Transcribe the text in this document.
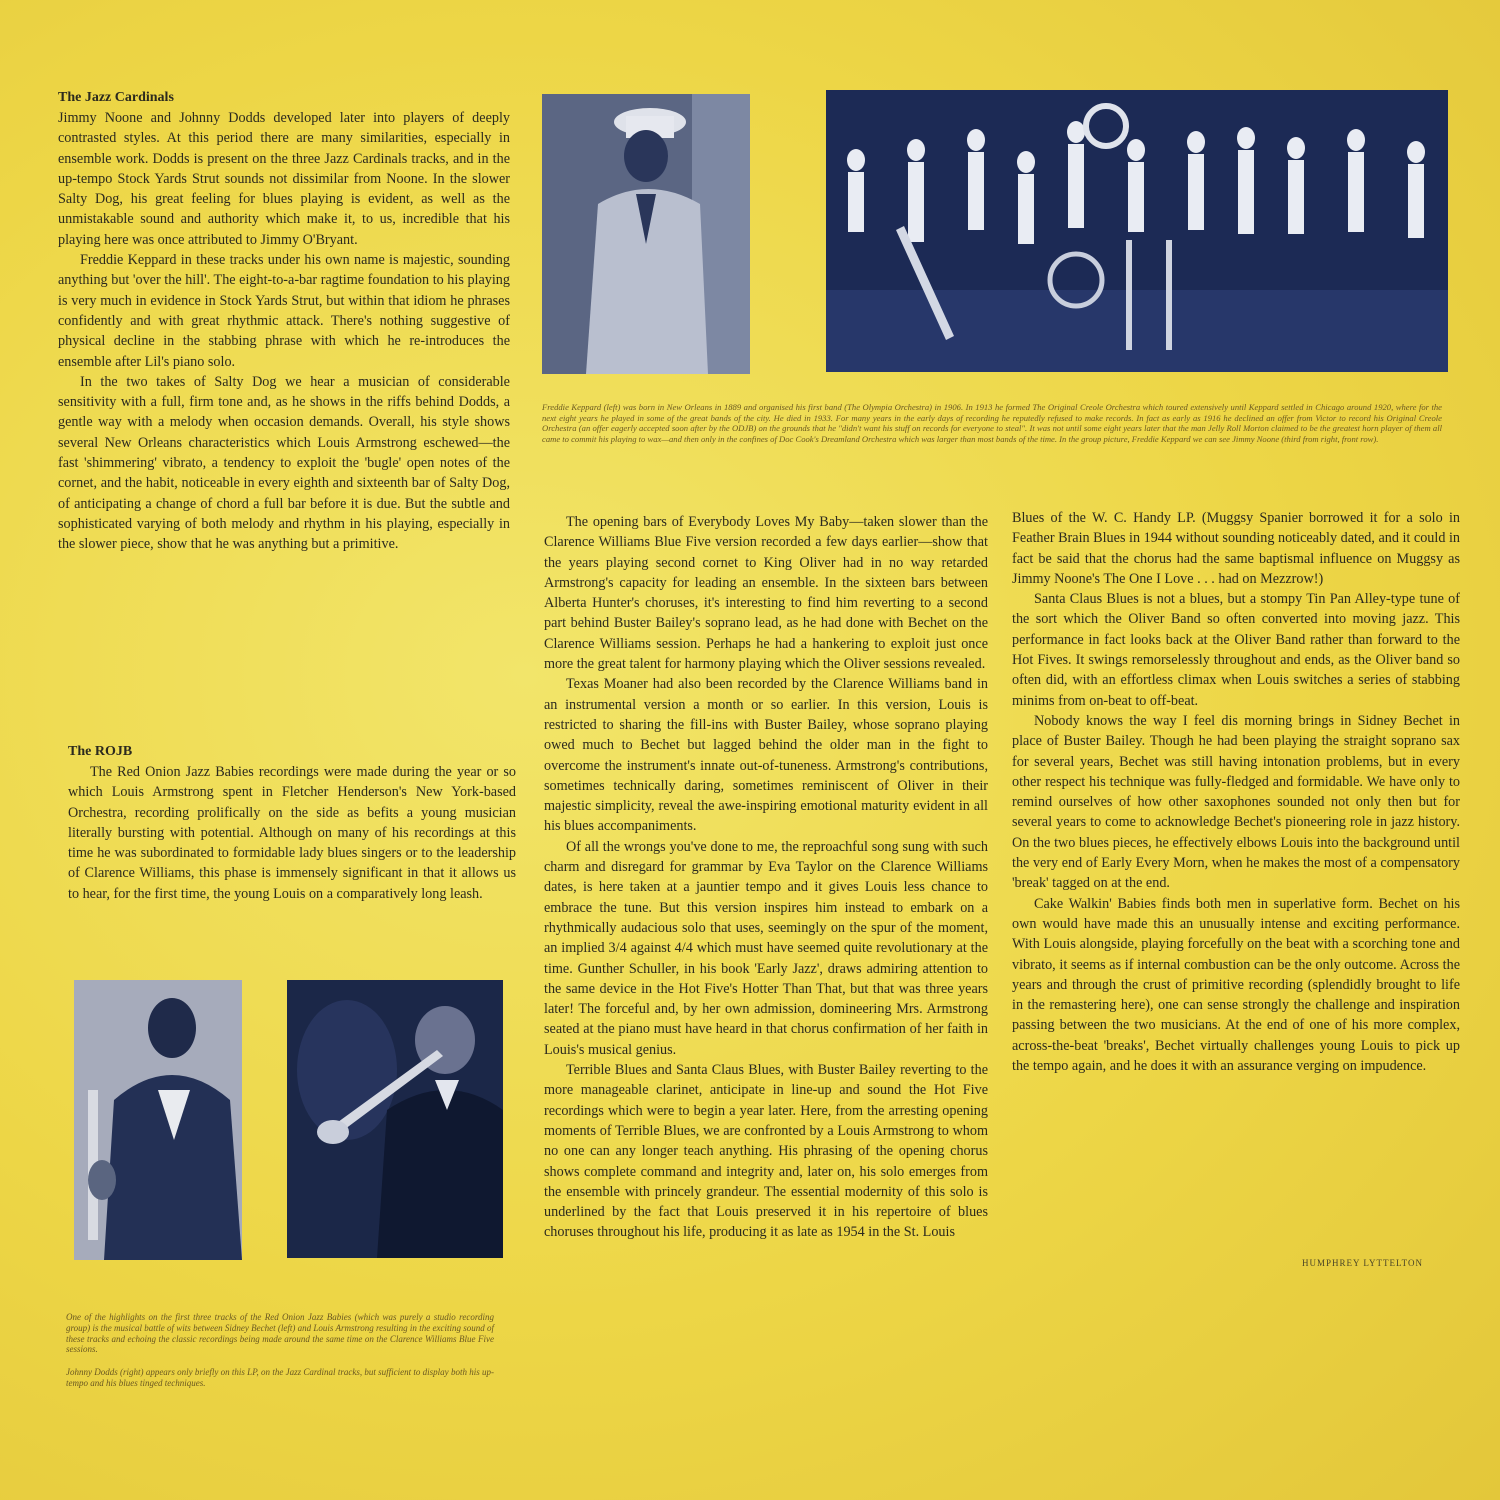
The Jazz Cardinals

Jimmy Noone and Johnny Dodds developed later into players of deeply contrasted styles. At this period there are many similarities, especially in ensemble work. Dodds is present on the three Jazz Cardinals tracks, and in the up-tempo Stock Yards Strut sounds not dissimilar from Noone. In the slower Salty Dog, his great feeling for blues playing is evident, as well as the unmistakable sound and authority which make it, to us, incredible that his playing here was once attributed to Jimmy O'Bryant.

Freddie Keppard in these tracks under his own name is majestic, sounding anything but 'over the hill'. The eight-to-a-bar ragtime foundation to his playing is very much in evidence in Stock Yards Strut, but within that idiom he phrases confidently and with great rhythmic attack. There's nothing suggestive of physical decline in the stabbing phrase with which he re-introduces the ensemble after Lil's piano solo.

In the two takes of Salty Dog we hear a musician of considerable sensitivity with a full, firm tone and, as he shows in the riffs behind Dodds, a gentle way with a melody when occasion demands. Overall, his style shows several New Orleans characteristics which Louis Armstrong eschewed—the fast 'shimmering' vibrato, a tendency to exploit the 'bugle' open notes of the cornet, and the habit, noticeable in every eighth and sixteenth bar of Salty Dog, of anticipating a change of chord a full bar before it is due. But the subtle and sophisticated varying of both melody and rhythm in his playing, especially in the slower piece, show that he was anything but a primitive.

The ROJB

The Red Onion Jazz Babies recordings were made during the year or so which Louis Armstrong spent in Fletcher Henderson's New York-based Orchestra, recording prolifically on the side as befits a young musician literally bursting with potential. Although on many of his recordings at this time he was subordinated to formidable lady blues singers or to the leadership of Clarence Williams, this phase is immensely significant in that it allows us to hear, for the first time, the young Louis on a comparatively long leash.

One of the highlights on the first three tracks of the Red Onion Jazz Babies (which was purely a studio recording group) is the musical battle of wits between Sidney Bechet (left) and Louis Armstrong resulting in the exciting sound of these tracks and echoing the classic recordings being made around the same time on the Clarence Williams Blue Five sessions.

Johnny Dodds (right) appears only briefly on this LP, on the Jazz Cardinal tracks, but sufficient to display both his up-tempo and his blues tinged techniques.

Freddie Keppard (left) was born in New Orleans in 1889 and organised his first band (The Olympia Orchestra) in 1906. In 1913 he formed The Original Creole Orchestra which toured extensively until Keppard settled in Chicago around 1920, where for the next eight years he played in some of the great bands of the city. He died in 1933. For many years in the early days of recording he reputedly refused to make records. In fact as early as 1916 he declined an offer from Victor to record his Original Creole Orchestra (an offer eagerly accepted soon after by the ODJB) on the grounds that he "didn't want his stuff on records for everyone to steal". It was not until some eight years later that the man Jelly Roll Morton claimed to be the greatest horn player of them all came to commit his playing to wax—and then only in the confines of Doc Cook's Dreamland Orchestra which was larger than most bands of the time. In the group picture, Freddie Keppard we can see Jimmy Noone (third from right, front row).

The opening bars of Everybody Loves My Baby—taken slower than the Clarence Williams Blue Five version recorded a few days earlier—show that the years playing second cornet to King Oliver had in no way retarded Armstrong's capacity for leading an ensemble. In the sixteen bars between Alberta Hunter's choruses, it's interesting to find him reverting to a second part behind Buster Bailey's soprano lead, as he had done with Bechet on the Clarence Williams session. Perhaps he had a hankering to exploit just once more the great talent for harmony playing which the Oliver sessions revealed.

Texas Moaner had also been recorded by the Clarence Williams band in an instrumental version a month or so earlier. In this version, Louis is restricted to sharing the fill-ins with Buster Bailey, whose soprano playing owed much to Bechet but lagged behind the older man in the fight to overcome the instrument's innate out-of-tuneness. Armstrong's contributions, sometimes technically daring, sometimes reminiscent of Oliver in their majestic simplicity, reveal the awe-inspiring emotional maturity evident in all his blues accompaniments.

Of all the wrongs you've done to me, the reproachful song sung with such charm and disregard for grammar by Eva Taylor on the Clarence Williams dates, is here taken at a jauntier tempo and it gives Louis less chance to embrace the tune. But this version inspires him instead to embark on a rhythmically audacious solo that uses, seemingly on the spur of the moment, an implied 3/4 against 4/4 which must have seemed quite revolutionary at the time. Gunther Schuller, in his book 'Early Jazz', draws admiring attention to the same device in the Hot Five's Hotter Than That, but that was three years later! The forceful and, by her own admission, domineering Mrs. Armstrong seated at the piano must have heard in that chorus confirmation of her faith in Louis's musical genius.

Terrible Blues and Santa Claus Blues, with Buster Bailey reverting to the more manageable clarinet, anticipate in line-up and sound the Hot Five recordings which were to begin a year later. Here, from the arresting opening moments of Terrible Blues, we are confronted by a Louis Armstrong to whom no one can any longer teach anything. His phrasing of the opening chorus shows complete command and integrity and, later on, his solo emerges from the ensemble with princely grandeur. The essential modernity of this solo is underlined by the fact that Louis preserved it in his repertoire of blues choruses throughout his life, producing it as late as 1954 in the St. Louis

Blues of the W. C. Handy LP. (Muggsy Spanier borrowed it for a solo in Feather Brain Blues in 1944 without sounding noticeably dated, and it could in fact be said that the chorus had the same baptismal influence on Muggsy as Jimmy Noone's The One I Love . . . had on Mezzrow!)

Santa Claus Blues is not a blues, but a stompy Tin Pan Alley-type tune of the sort which the Oliver Band so often converted into moving jazz. This performance in fact looks back at the Oliver Band rather than forward to the Hot Fives. It swings remorselessly throughout and ends, as the Oliver band so often did, with an effortless climax when Louis switches a series of stabbing minims from on-beat to off-beat.

Nobody knows the way I feel dis morning brings in Sidney Bechet in place of Buster Bailey. Though he had been playing the straight soprano sax for several years, Bechet was still having intonation problems, but in every other respect his technique was fully-fledged and formidable. We have only to remind ourselves of how other saxophones sounded not only then but for several years to come to acknowledge Bechet's pioneering role in jazz history. On the two blues pieces, he effectively elbows Louis into the background until the very end of Early Every Morn, when he makes the most of a compensatory 'break' tagged on at the end.

Cake Walkin' Babies finds both men in superlative form. Bechet on his own would have made this an unusually intense and exciting performance. With Louis alongside, playing forcefully on the beat with a scorching tone and vibrato, it seems as if internal combustion can be the only outcome. Across the years and through the crust of primitive recording (splendidly brought to life in the remastering here), one can sense strongly the challenge and inspiration passing between the two musicians. At the end of one of his more complex, across-the-beat 'breaks', Bechet virtually challenges young Louis to pick up the tempo again, and he does it with an assurance verging on impudence.

HUMPHREY LYTTELTON
